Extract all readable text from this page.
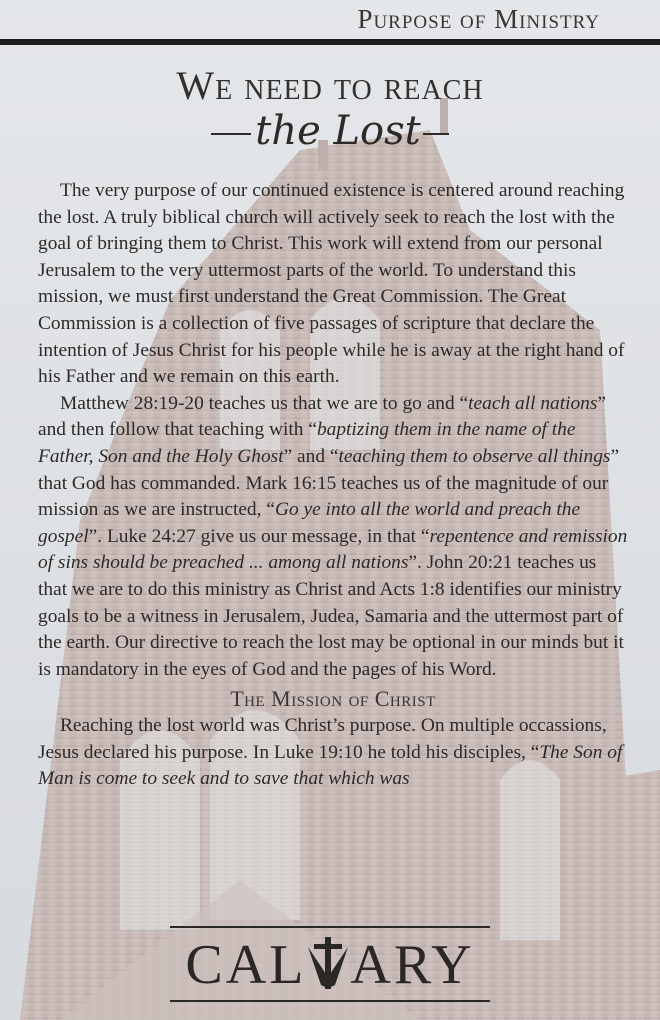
Purpose of Ministry
We need to reach
the Lost

The very purpose of our continued existence is centered around reaching the lost. A truly biblical church will actively seek to reach the lost with the goal of bringing them to Christ. This work will extend from our personal Jerusalem to the very uttermost parts of the world. To understand this mission, we must first understand the Great Commission. The Great Commission is a collection of five passages of scripture that declare the intention of Jesus Christ for his people while he is away at the right hand of his Father and we remain on this earth.

Matthew 28:19-20 teaches us that we are to go and “teach all nations” and then follow that teaching with “baptizing them in the name of the Father, Son and the Holy Ghost” and “teaching them to observe all things” that God has commanded. Mark 16:15 teaches us of the magnitude of our mission as we are instructed, “Go ye into all the world and preach the gospel”. Luke 24:27 give us our message, in that “repentence and remission of sins should be preached ... among all nations”. John 20:21 teaches us that we are to do this ministry as Christ and Acts 1:8 identifies our ministry goals to be a witness in Jerusalem, Judea, Samaria and the uttermost part of the earth. Our directive to reach the lost may be optional in our minds but it is mandatory in the eyes of God and the pages of his Word.

The Mission of Christ

Reaching the lost world was Christ’s purpose. On multiple occassions, Jesus declared his purpose. In Luke 19:10 he told his disciples, “The Son of Man is come to seek and to save that which was

CAL ARY
